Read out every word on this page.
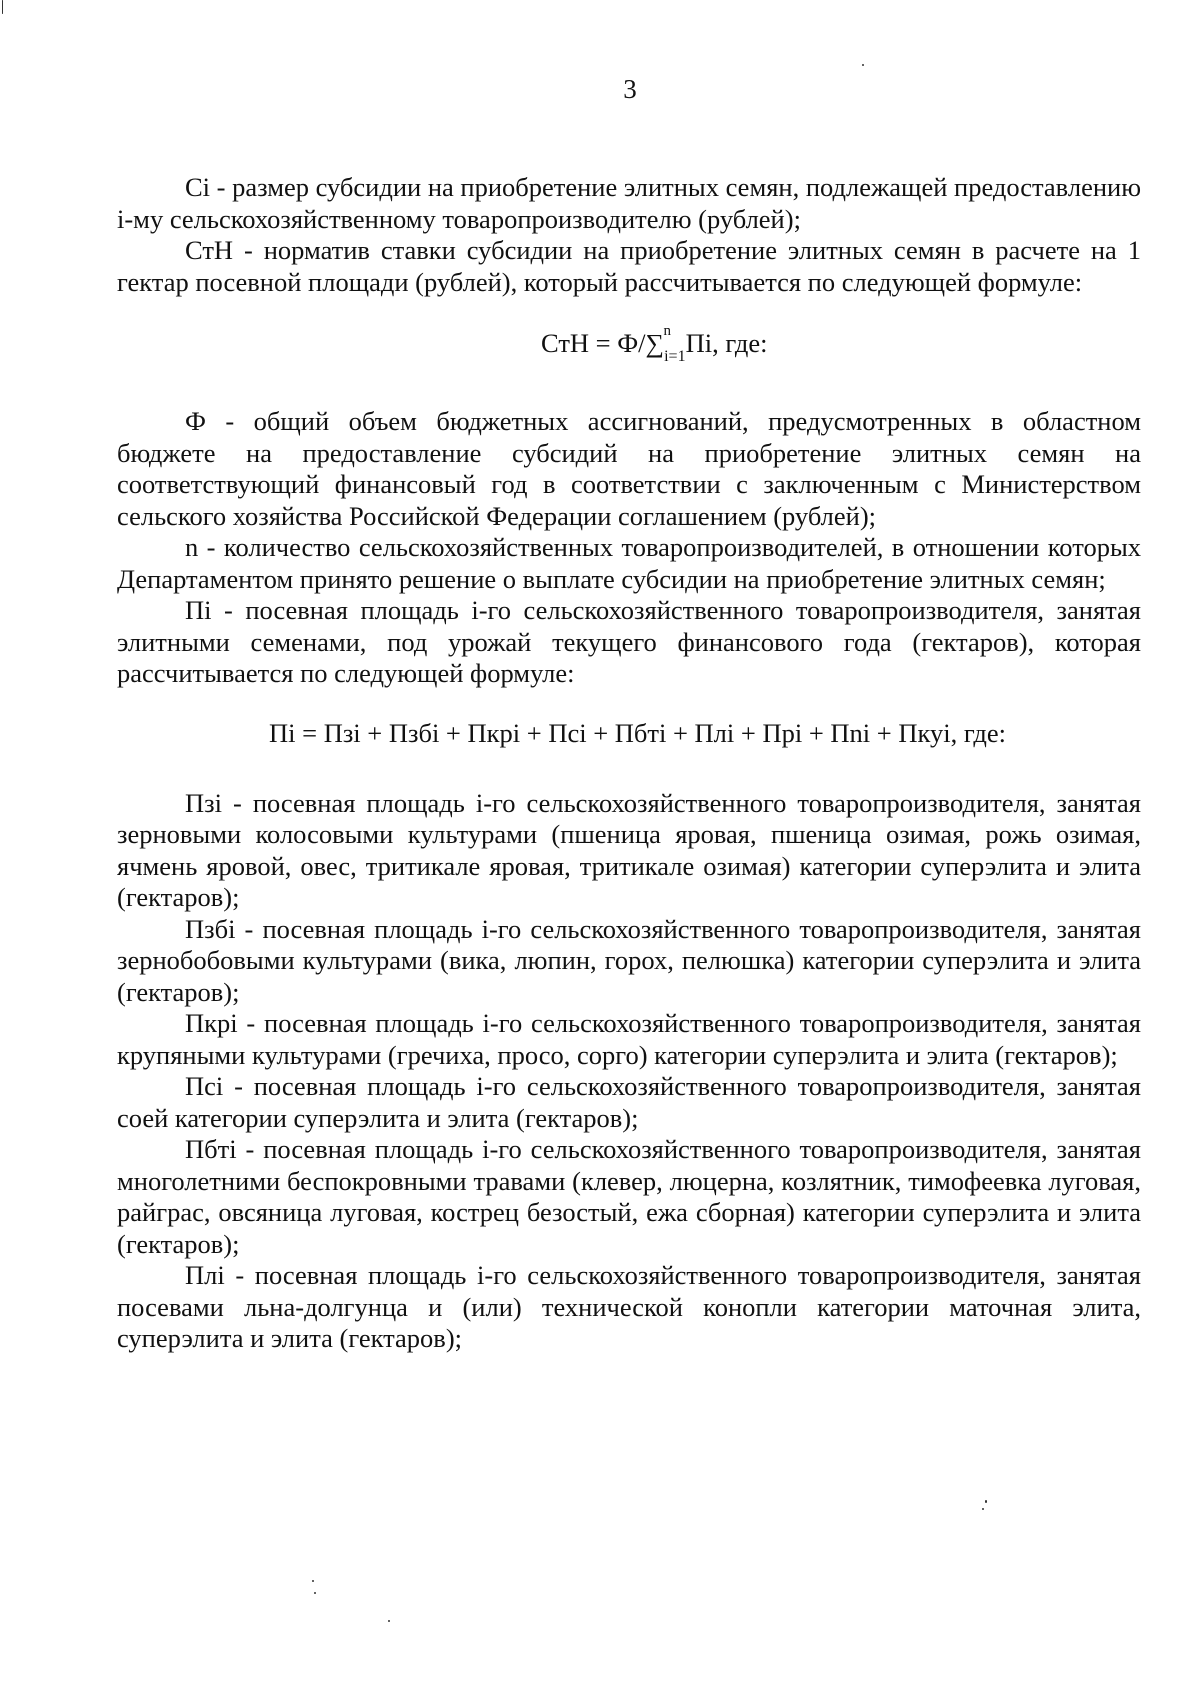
3

Ci - размер субсидии на приобретение элитных семян, подлежащей предоставлению i-му сельскохозяйственному товаропроизводителю (рублей);

СтН - норматив ставки субсидии на приобретение элитных семян в расчете на 1 гектар посевной площади (рублей), который рассчитывается по следующей формуле:

СтН = Ф/∑ n
$_{i=1}$Пi, где:

Ф - общий объем бюджетных ассигнований, предусмотренных в областном бюджете на предоставление субсидий на приобретение элитных семян на соответствующий финансовый год в соответствии с заключенным с Министерством сельского хозяйства Российской Федерации соглашением (рублей);

n - количество сельскохозяйственных товаропроизводителей, в отношении которых Департаментом принято решение о выплате субсидии на приобретение элитных семян;

Пi - посевная площадь i-го сельскохозяйственного товаропроизводителя, занятая элитными семенами, под урожай текущего финансового года (гектаров), которая рассчитывается по следующей формуле:

Пi = Пзi + Пзбi + Пкрi + Пci + Пбтi + Плi + Прi + Пni + Пкуi, где:

Пзi - посевная площадь i-го сельскохозяйственного товаропроизводителя, занятая зерновыми колосовыми культурами (пшеница яровая, пшеница озимая, рожь озимая, ячмень яровой, овес, тритикале яровая, тритикале озимая) категории суперэлита и элита (гектаров);

Пзбi - посевная площадь i-го сельскохозяйственного товаропроизводителя, занятая зернобобовыми культурами (вика, люпин, горох, пелюшка) категории суперэлита и элита (гектаров);

Пкрi - посевная площадь i-го сельскохозяйственного товаропроизводителя, занятая крупяными культурами (гречиха, просо, сорго) категории суперэлита и элита (гектаров);

Пci - посевная площадь i-го сельскохозяйственного товаропроизводителя, занятая соей категории суперэлита и элита (гектаров);

Пбтi - посевная площадь i-го сельскохозяйственного товаропроизводителя, занятая многолетними беспокровными травами (клевер, люцерна, козлятник, тимофеевка луговая, райграс, овсяница луговая, кострец безостый, ежа сборная) категории суперэлита и элита (гектаров);

Плi - посевная площадь i-го сельскохозяйственного товаропроизводителя, занятая посевами льна-долгунца и (или) технической конопли категории маточная элита, суперэлита и элита (гектаров);
